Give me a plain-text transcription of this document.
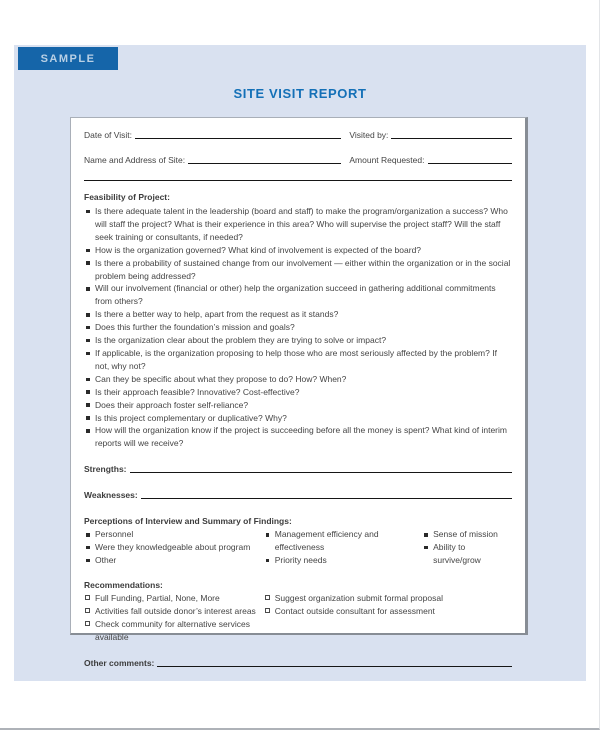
SAMPLE
SITE VISIT REPORT
Date of Visit:	Visited by:
Name and Address of Site:	Amount Requested:
Feasibility of Project:
Is there adequate talent in the leadership (board and staff) to make the program/organization a success? Who will staff the project? What is their experience in this area? Who will supervise the project staff? Will the staff seek training or consultants, if needed?
How is the organization governed? What kind of involvement is expected of the board?
Is there a probability of sustained change from our involvement — either within the organization or in the social problem being addressed?
Will our involvement (financial or other) help the organization succeed in gathering additional commitments from others?
Is there a better way to help, apart from the request as it stands?
Does this further the foundation’s mission and goals?
Is the organization clear about the problem they are trying to solve or impact?
If applicable, is the organization proposing to help those who are most seriously affected by the problem? If not, why not?
Can they be specific about what they propose to do? How? When?
Is their approach feasible? Innovative? Cost-effective?
Does their approach foster self-reliance?
Is this project complementary or duplicative? Why?
How will the organization know if the project is succeeding before all the money is spent? What kind of interim reports will we receive?
Strengths:
Weaknesses:
Perceptions of Interview and Summary of Findings:
Personnel
Were they knowledgeable about program
Other
Management efficiency and effectiveness
Priority needs
Sense of mission
Ability to survive/grow
Recommendations:
Full Funding, Partial, None, More
Activities fall outside donor’s interest areas
Check community for alternative services available
Suggest organization submit formal proposal
Contact outside consultant for assessment
Other comments:
